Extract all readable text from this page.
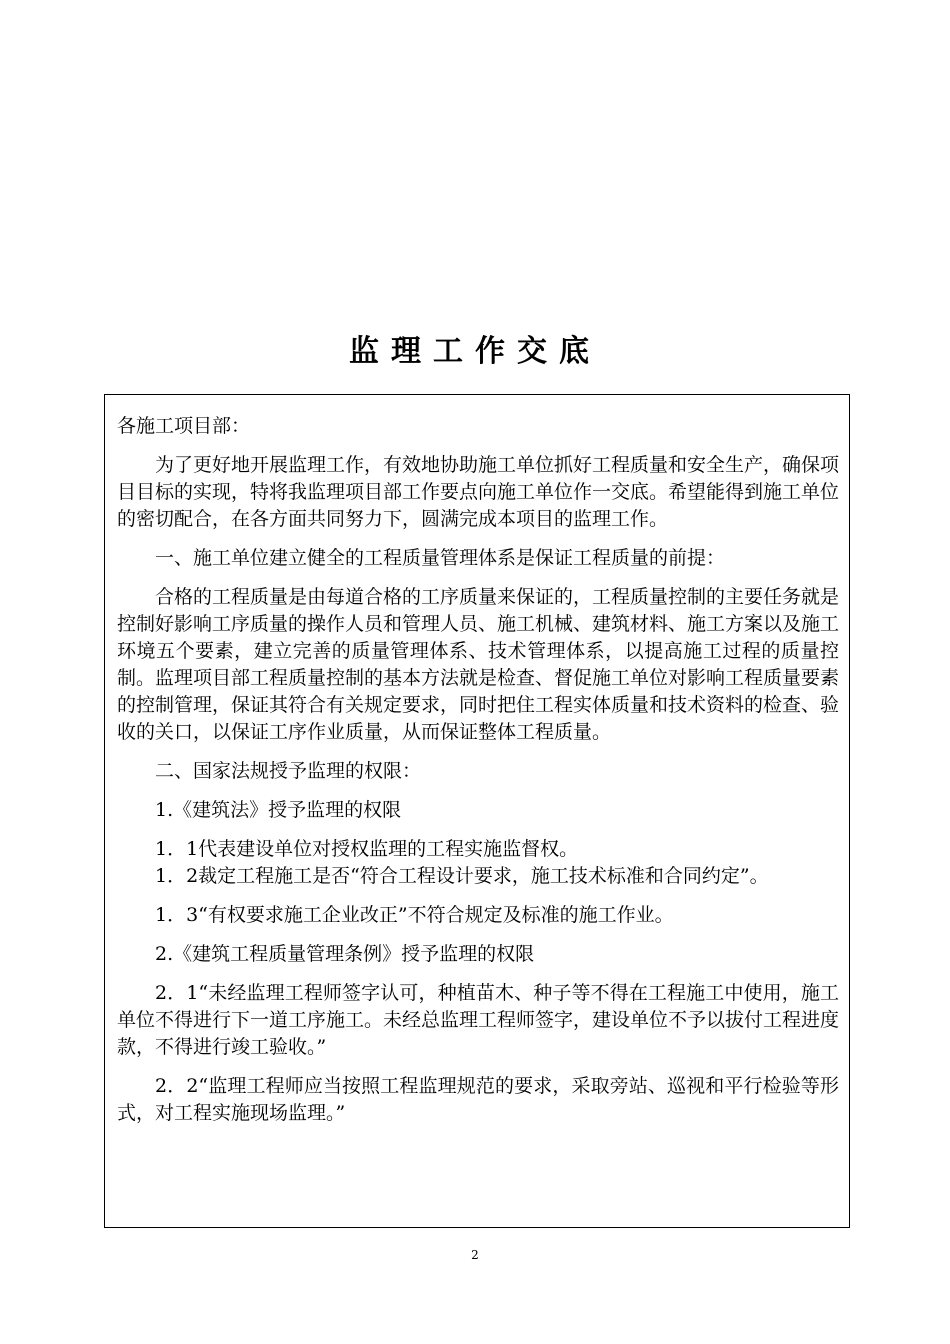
监理工作交底

各施工项目部：

为了更好地开展监理工作，有效地协助施工单位抓好工程质量和安全生产，确保项目目标的实现，特将我监理项目部工作要点向施工单位作一交底。希望能得到施工单位的密切配合，在各方面共同努力下，圆满完成本项目的监理工作。

一、施工单位建立健全的工程质量管理体系是保证工程质量的前提：

合格的工程质量是由每道合格的工序质量来保证的，工程质量控制的主要任务就是控制好影响工序质量的操作人员和管理人员、施工机械、建筑材料、施工方案以及施工环境五个要素，建立完善的质量管理体系、技术管理体系，以提高施工过程的质量控制。监理项目部工程质量控制的基本方法就是检查、督促施工单位对影响工程质量要素的控制管理，保证其符合有关规定要求，同时把住工程实体质量和技术资料的检查、验收的关口，以保证工序作业质量，从而保证整体工程质量。

二、国家法规授予监理的权限：

1.《建筑法》授予监理的权限

1．1代表建设单位对授权监理的工程实施监督权。

1．2裁定工程施工是否“符合工程设计要求，施工技术标准和合同约定”。

1．3“有权要求施工企业改正”不符合规定及标准的施工作业。

2.《建筑工程质量管理条例》授予监理的权限

2．1“未经监理工程师签字认可，种植苗木、种子等不得在工程施工中使用，施工单位不得进行下一道工序施工。未经总监理工程师签字，建设单位不予以拔付工程进度款，不得进行竣工验收。”

2．2“监理工程师应当按照工程监理规范的要求，采取旁站、巡视和平行检验等形式，对工程实施现场监理。”

2
